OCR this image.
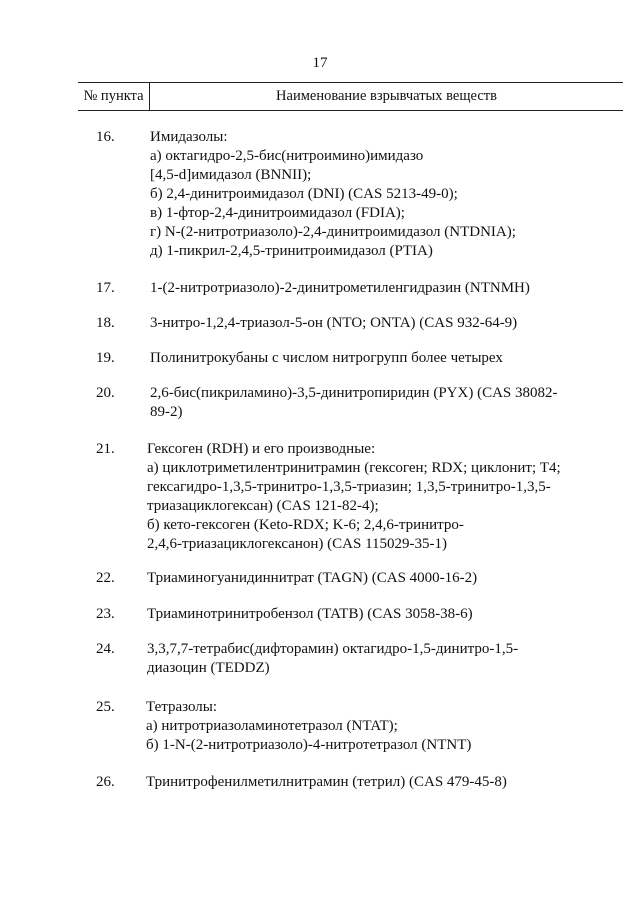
17
№ пункта	Наименование взрывчатых веществ
16.	Имидазолы:
а) октагидро-2,5-бис(нитроимино)имидазо
[4,5-d]имидазол (BNNII);
б) 2,4-динитроимидазол (DNI) (CAS 5213-49-0);
в) 1-фтор-2,4-динитроимидазол (FDIA);
г) N-(2-нитротриазоло)-2,4-динитроимидазол (NTDNIA);
д) 1-пикрил-2,4,5-тринитроимидазол (PTIA)
17.	1-(2-нитротриазоло)-2-динитрометиленгидразин (NTNMH)
18.	3-нитро-1,2,4-триазол-5-он (NTO; ONTA) (CAS 932-64-9)
19.	Полинитрокубаны с числом нитрогрупп более четырех
20.	2,6-бис(пикриламино)-3,5-динитропиридин (PYX) (CAS 38082-
89-2)
21.	Гексоген (RDH) и его производные:
а) циклотриметилентринитрамин (гексоген; RDX; циклонит; T4;
гексагидро-1,3,5-тринитро-1,3,5-триазин; 1,3,5-тринитро-1,3,5-
триазациклогексан) (CAS 121-82-4);
б) кето-гексоген (Keto-RDX; K-6; 2,4,6-тринитро-
2,4,6-триазациклогексанон) (CAS 115029-35-1)
22.	Триаминогуанидиннитрат (TAGN) (CAS 4000-16-2)
23.	Триаминотринитробензол (TATB) (CAS 3058-38-6)
24.	3,3,7,7-тетрабис(дифторамин) октагидро-1,5-динитро-1,5-
диазоцин (TEDDZ)
25.	Тетразолы:
а) нитротриазоламинотетразол (NTAT);
б) 1-N-(2-нитротриазоло)-4-нитротетразол (NTNT)
26.	Тринитрофенилметилнитрамин (тетрил) (CAS 479-45-8)
